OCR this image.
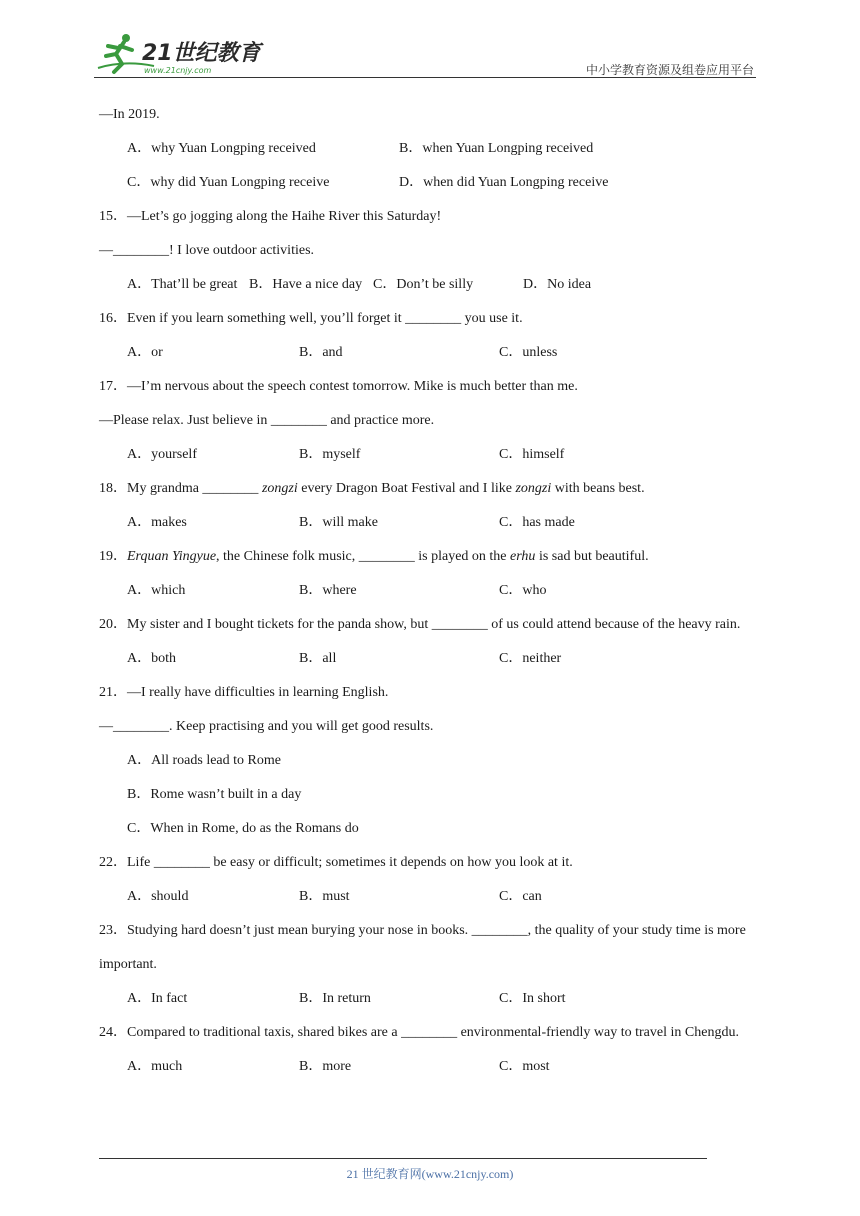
21世纪教育
www.21cnjy.com	中小学教育资源及组卷应用平台
—In 2019.
A．why Yuan Longping received	B．when Yuan Longping received
C．why did Yuan Longping receive	D．when did Yuan Longping receive
15．—Let’s go jogging along the Haihe River this Saturday!
—________! I love outdoor activities.
A．That’ll be great B．Have a nice day C．Don’t be silly	D．No idea
16．Even if you learn something well, you’ll forget it ________ you use it.
A．or	B．and	C．unless
17．—I’m nervous about the speech contest tomorrow. Mike is much better than me.
—Please relax. Just believe in ________ and practice more.
A．yourself	B．myself	C．himself
18．My grandma ________ zongzi every Dragon Boat Festival and I like zongzi with beans best.
A．makes	B．will make	C．has made
19．Erquan Yingyue, the Chinese folk music, ________ is played on the erhu is sad but beautiful.
A．which	B．where	C．who
20．My sister and I bought tickets for the panda show, but ________ of us could attend because of the heavy rain.
A．both	B．all	C．neither
21．—I really have difficulties in learning English.
—________. Keep practising and you will get good results.
A．All roads lead to Rome
B．Rome wasn’t built in a day
C．When in Rome, do as the Romans do
22．Life ________ be easy or difficult; sometimes it depends on how you look at it.
A．should	B．must	C．can
23．Studying hard doesn’t just mean burying your nose in books. ________, the quality of your study time is more important.
A．In fact	B．In return	C．In short
24．Compared to traditional taxis, shared bikes are a ________ environmental-friendly way to travel in Chengdu.
A．much	B．more	C．most
21 世纪教育网(www.21cnjy.com)
